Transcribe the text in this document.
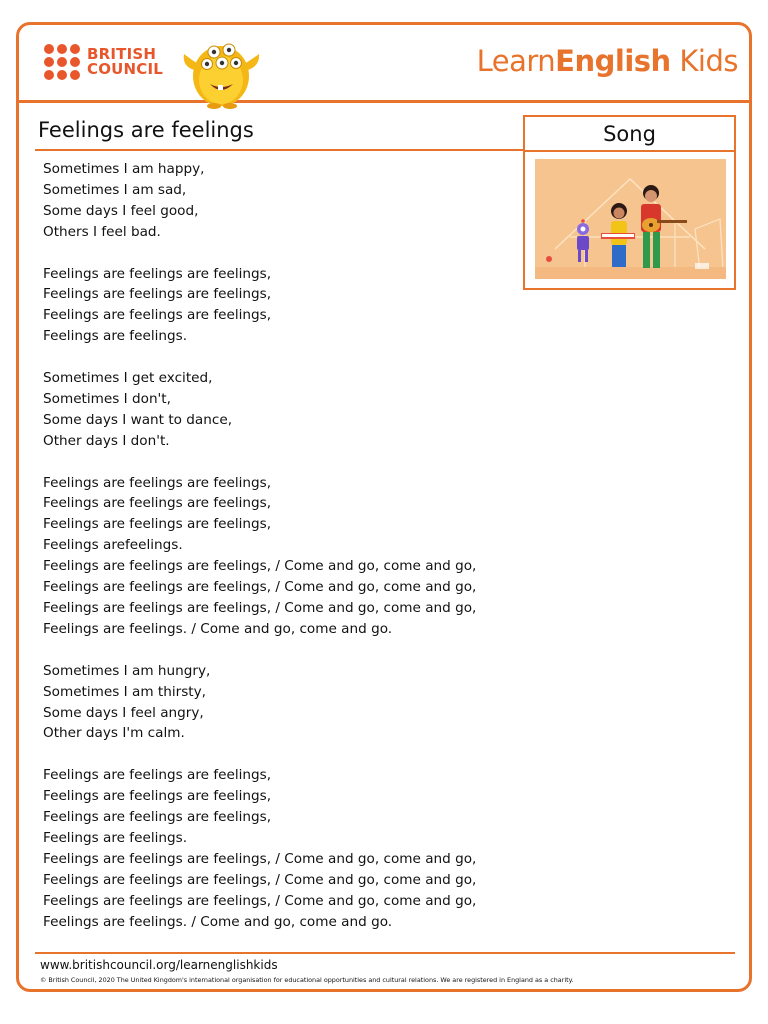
BRITISH
COUNCIL	LearnEnglish Kids
Feelings are feelings	Song
Sometimes I am happy,
Sometimes I am sad,
Some days I feel good,
Others I feel bad.
Feelings are feelings are feelings,
Feelings are feelings are feelings,
Feelings are feelings are feelings,
Feelings are feelings.
Sometimes I get excited,
Sometimes I don't,
Some days I want to dance,
Other days I don't.
Feelings are feelings are feelings,
Feelings are feelings are feelings,
Feelings are feelings are feelings,
Feelings arefeelings.
Feelings are feelings are feelings, / Come and go, come and go,
Feelings are feelings are feelings, / Come and go, come and go,
Feelings are feelings are feelings, / Come and go, come and go,
Feelings are feelings. / Come and go, come and go.
Sometimes I am hungry,
Sometimes I am thirsty,
Some days I feel angry,
Other days I'm calm.
Feelings are feelings are feelings,
Feelings are feelings are feelings,
Feelings are feelings are feelings,
Feelings are feelings.
Feelings are feelings are feelings, / Come and go, come and go,
Feelings are feelings are feelings, / Come and go, come and go,
Feelings are feelings are feelings, / Come and go, come and go,
Feelings are feelings. / Come and go, come and go.
www.britishcouncil.org/learnenglishkids
© British Council, 2020 The United Kingdom's international organisation for educational opportunities and cultural relations. We are registered in England as a charity.
